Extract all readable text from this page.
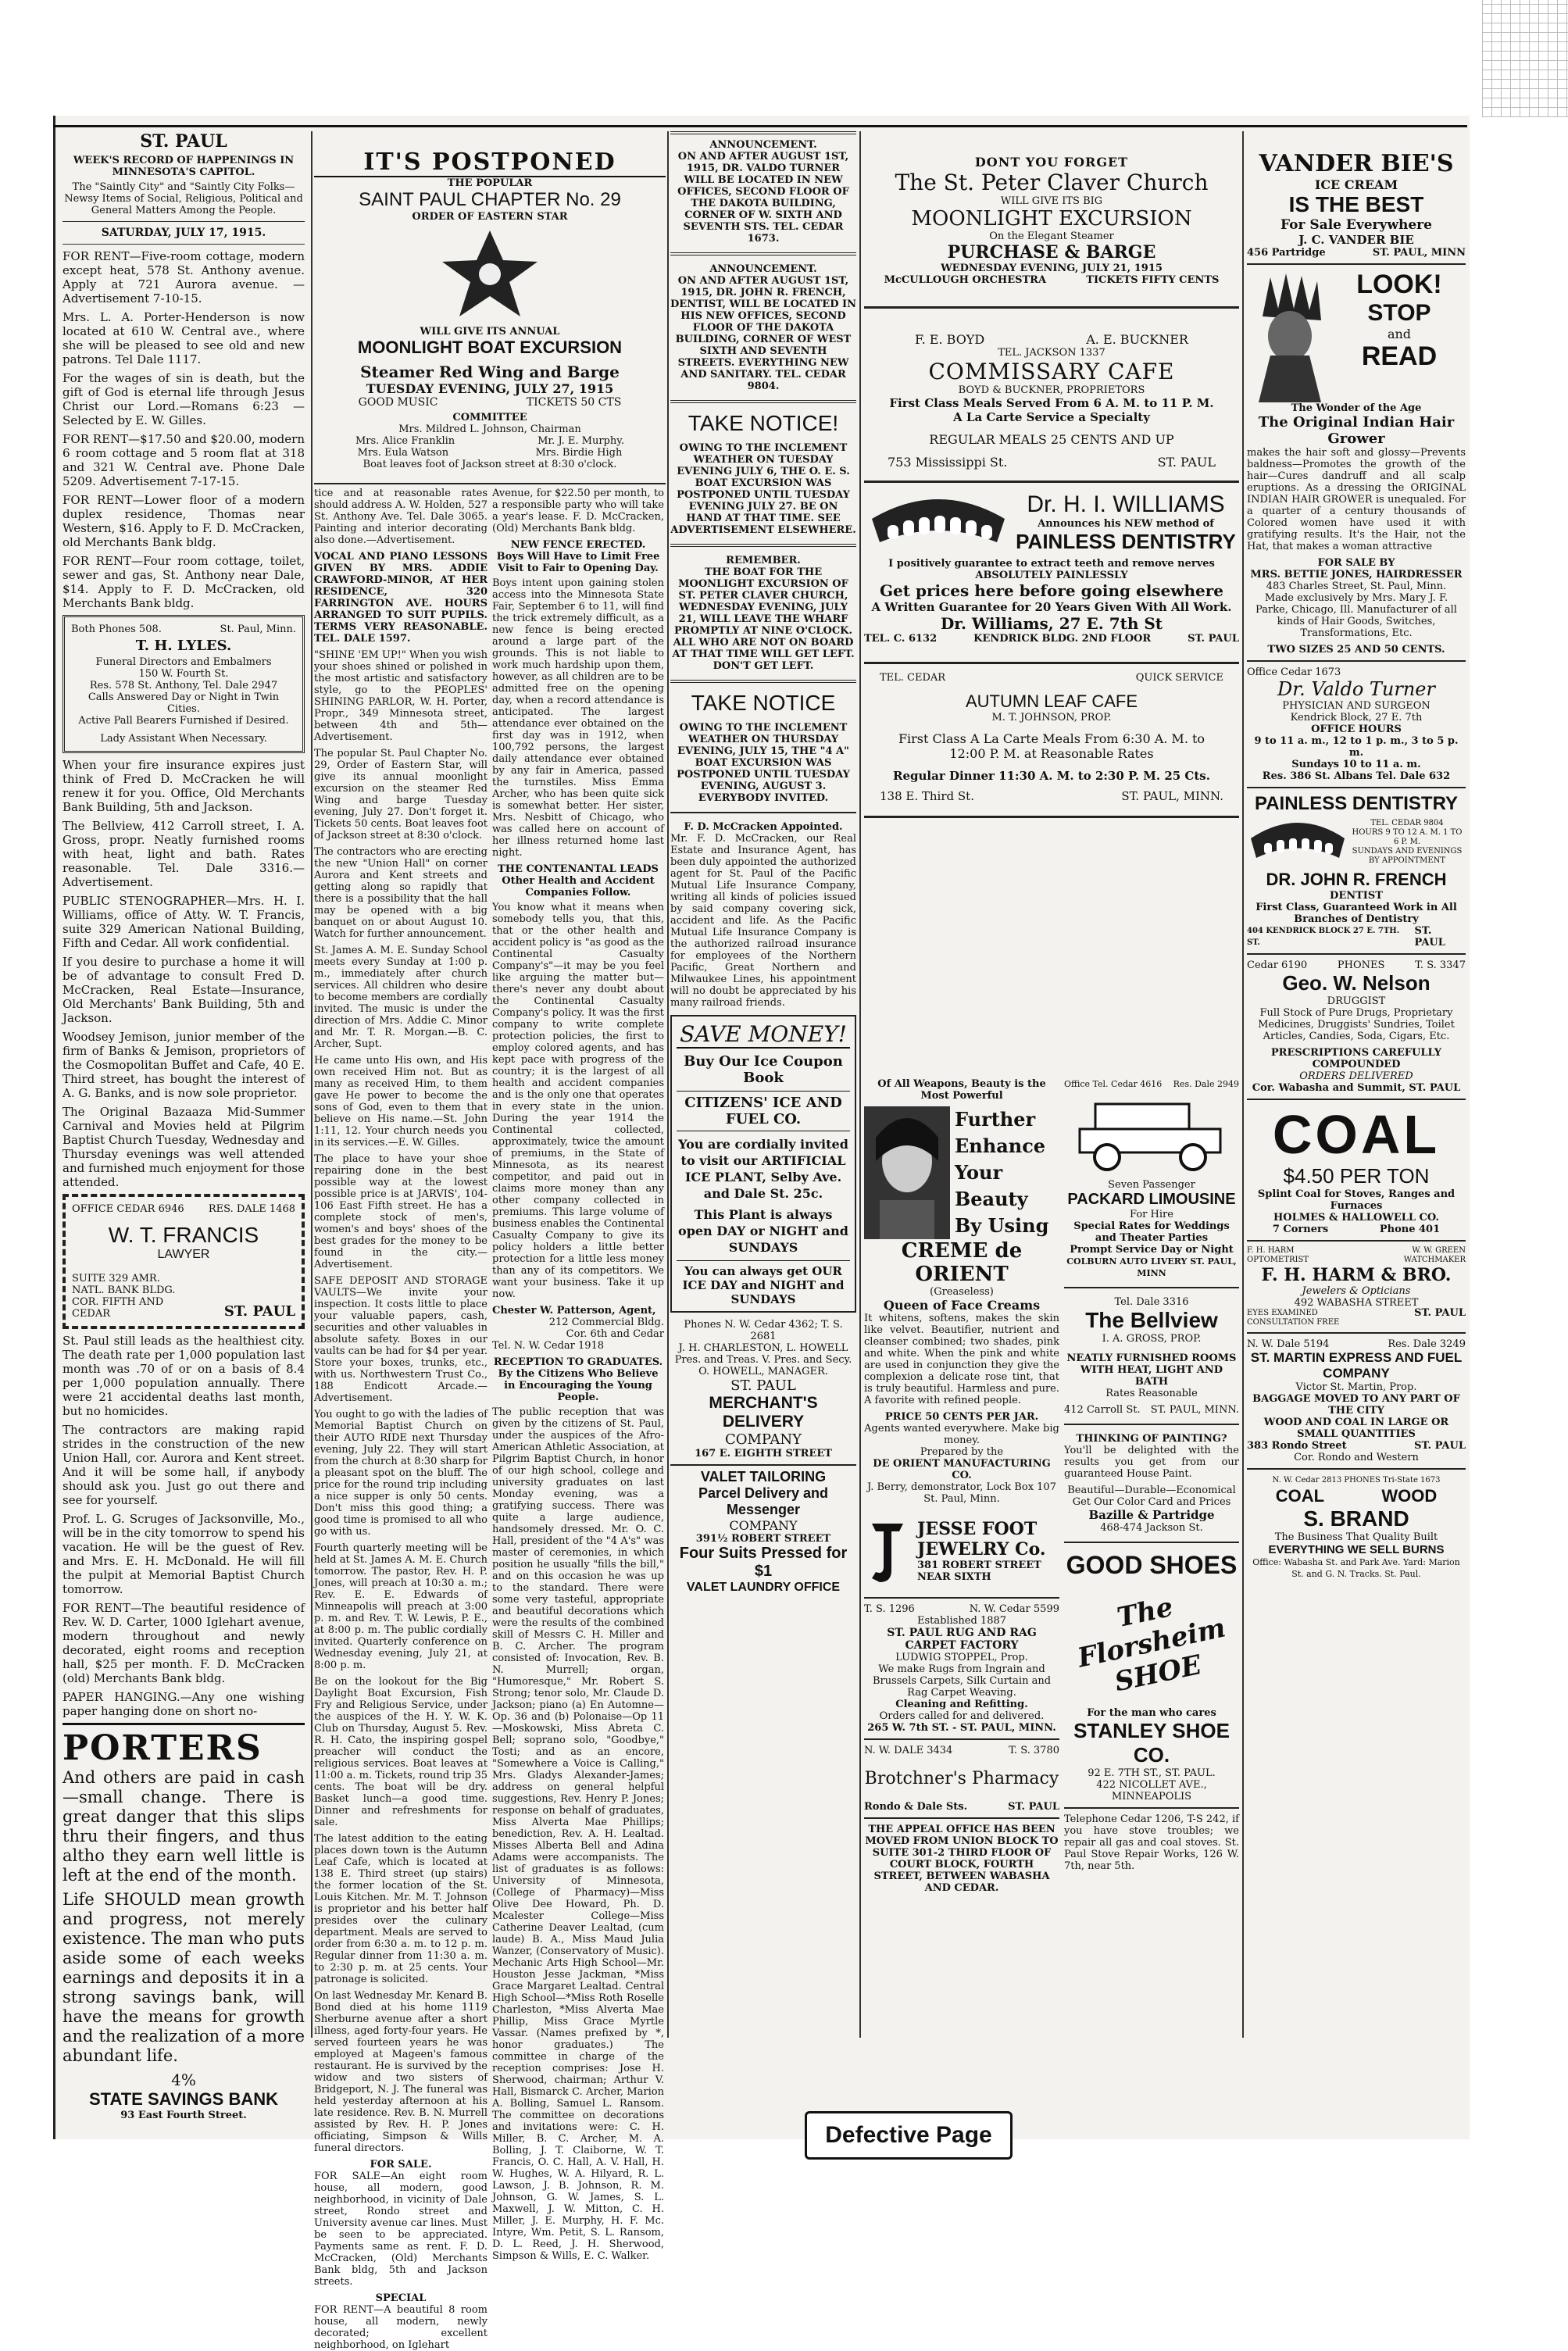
ST. PAUL
WEEK'S RECORD OF HAPPENINGS IN MINNESOTA'S CAPITOL.
The "Saintly City" and "Saintly City Folks—Newsy Items of Social, Religious, Political and General Matters Among the People.
SATURDAY, JULY 17, 1915.

FOR RENT—Five-room cottage, modern except heat, 578 St. Anthony avenue. Apply at 721 Aurora avenue. —Advertisement 7-10-15.

Mrs. L. A. Porter-Henderson is now located at 610 W. Central ave., where she will be pleased to see old and new patrons. Tel Dale 1117.

For the wages of sin is death, but the gift of God is eternal life through Jesus Christ our Lord.—Romans 6:23 —Selected by E. W. Gilles.

FOR RENT—$17.50 and $20.00, modern 6 room cottage and 5 room flat at 318 and 321 W. Central ave. Phone Dale 5209. Advertisement 7-17-15.

FOR RENT—Lower floor of a modern duplex residence, Thomas near Western, $16. Apply to F. D. McCracken, old Merchants Bank bldg.

FOR RENT—Four room cottage, toilet, sewer and gas, St. Anthony near Dale, $14. Apply to F. D. McCracken, old Merchants Bank bldg.

Both Phones 508.	St. Paul, Minn.
T. H. LYLES.
Funeral Directors and Embalmers
150 W. Fourth St.
Res. 578 St. Anthony, Tel. Dale 2947
Calls Answered Day or Night in Twin Cities.
Active Pall Bearers Furnished if Desired.
Lady Assistant When Necessary.

When your fire insurance expires just think of Fred D. McCracken he will renew it for you. Office, Old Merchants Bank Building, 5th and Jackson.

The Bellview, 412 Carroll street, I. A. Gross, propr. Neatly furnished rooms with heat, light and bath. Rates reasonable. Tel. Dale 3316.—Advertisement.

PUBLIC STENOGRAPHER—Mrs. H. I. Williams, office of Atty. W. T. Francis, suite 329 American National Building, Fifth and Cedar. All work confidential.

If you desire to purchase a home it will be of advantage to consult Fred D. McCracken, Real Estate—Insurance, Old Merchants' Bank Building, 5th and Jackson.

Woodsey Jemison, junior member of the firm of Banks & Jemison, proprietors of the Cosmopolitan Buffet and Cafe, 40 E. Third street, has bought the interest of A. G. Banks, and is now sole proprietor.

The Original Bazaaza Mid-Summer Carnival and Movies held at Pilgrim Baptist Church Tuesday, Wednesday and Thursday evenings was well attended and furnished much enjoyment for those attended.

OFFICE CEDAR 6946 RES. DALE 1468
W. T. FRANCIS
LAWYER
SUITE 329 AMR. NATL. BANK BLDG. COR. FIFTH AND CEDAR	ST. PAUL

St. Paul still leads as the healthiest city. The death rate per 1,000 population last month was .70 of or on a basis of 8.4 per 1,000 population annually. There were 21 accidental deaths last month, but no homicides.

The contractors are making rapid strides in the construction of the new Union Hall, cor. Aurora and Kent street. And it will be some hall, if anybody should ask you. Just go out there and see for yourself.

Prof. L. G. Scruges of Jacksonville, Mo., will be in the city tomorrow to spend his vacation. He will be the guest of Rev. and Mrs. E. H. McDonald. He will fill the pulpit at Memorial Baptist Church tomorrow.

FOR RENT—The beautiful residence of Rev. W. D. Carter, 1000 Iglehart avenue, modern throughout and newly decorated, eight rooms and reception hall, $25 per month. F. D. McCracken (old) Merchants Bank bldg.

PAPER HANGING.—Any one wishing paper hanging done on short no-

PORTERS

And others are paid in cash—small change. There is great danger that this slips thru their fingers, and thus altho they earn well little is left at the end of the month.

Life SHOULD mean growth and progress, not merely existence. The man who puts aside some of each weeks earnings and deposits it in a strong savings bank, will have the means for growth and the realization of a more abundant life.

4%
STATE SAVINGS BANK
93 East Fourth Street.
IT'S POSTPONED
THE POPULAR
SAINT PAUL CHAPTER No. 29
ORDER OF EASTERN STAR
WILL GIVE ITS ANNUAL
MOONLIGHT BOAT EXCURSION
Steamer Red Wing and Barge
TUESDAY EVENING, JULY 27, 1915
GOOD MUSIC	TICKETS 50 CTS
COMMITTEE
Mrs. Mildred L. Johnson, Chairman
Mrs. Alice Franklin	Mr. J. E. Murphy.
Mrs. Eula Watson	Mrs. Birdie High
Boat leaves foot of Jackson street at 8:30 o'clock.

tice and at reasonable rates should address A. W. Holden, 527 St. Anthony Ave. Tel. Dale 3065. Painting and interior decorating also done.—Advertisement.

VOCAL AND PIANO LESSONS GIVEN BY MRS. ADDIE CRAWFORD-MINOR, AT HER RESIDENCE, 320 FARRINGTON AVE. HOURS ARRANGED TO SUIT PUPILS. TERMS VERY REASONABLE. TEL. DALE 1597.

"SHINE 'EM UP!" When you wish your shoes shined or polished in the most artistic and satisfactory style, go to the PEOPLES' SHINING PARLOR, W. H. Porter, Propr., 349 Minnesota street, between 4th and 5th—Advertisement.

The popular St. Paul Chapter No. 29, Order of Eastern Star, will give its annual moonlight excursion on the steamer Red Wing and barge Tuesday evening, July 27. Don't forget it. Tickets 50 cents. Boat leaves foot of Jackson street at 8:30 o'clock.

The contractors who are erecting the new "Union Hall" on corner Aurora and Kent streets and getting along so rapidly that there is a possibility that the hall may be opened with a big banquet on or about August 10. Watch for further announcement.

St. James A. M. E. Sunday School meets every Sunday at 1:00 p. m., immediately after church services. All children who desire to become members are cordially invited. The music is under the direction of Mrs. Addie C. Minor and Mr. T. R. Morgan.—B. C. Archer, Supt.

He came unto His own, and His own received Him not. But as many as received Him, to them gave He power to become the sons of God, even to them that believe on His name.—St. John 1:11, 12. Your church needs you in its services.—E. W. Gilles.

The place to have your shoe repairing done in the best possible way at the lowest possible price is at JARVIS', 104-106 East Fifth street. He has a complete stock of men's, women's and boys' shoes of the best grades for the money to be found in the city.—Advertisement.

SAFE DEPOSIT AND STORAGE VAULTS—We invite your inspection. It costs little to place your valuable papers, cash, securities and other valuables in absolute safety. Boxes in our vaults can be had for $4 per year. Store your boxes, trunks, etc., with us. Northwestern Trust Co., 188 Endicott Arcade.—Advertisement.

You ought to go with the ladies of Memorial Baptist Church on their AUTO RIDE next Thursday evening, July 22. They will start from the church at 8:30 sharp for a pleasant spot on the bluff. The price for the round trip including a nice supper is only 50 cents. Don't miss this good thing; a good time is promised to all who go with us.

Fourth quarterly meeting will be held at St. James A. M. E. Church tomorrow. The pastor, Rev. H. P. Jones, will preach at 10:30 a. m.; Rev. E. E. Edwards of Minneapolis will preach at 3:00 p. m. and Rev. T. W. Lewis, P. E., at 8:00 p. m. The public cordially invited. Quarterly conference on Wednesday evening, July 21, at 8:00 p. m.

Be on the lookout for the Big Daylight Boat Excursion, Fish Fry and Religious Service, under the auspices of the H. Y. W. K. Club on Thursday, August 5. Rev. R. H. Cato, the inspiring gospel preacher will conduct the religious services. Boat leaves at 11:00 a. m. Tickets, round trip 35 cents. The boat will be dry. Basket lunch—a good time. Dinner and refreshments for sale.

The latest addition to the eating places down town is the Autumn Leaf Cafe, which is located at 138 E. Third street (up stairs) the former location of the St. Louis Kitchen. Mr. M. T. Johnson is proprietor and his better half presides over the culinary department. Meals are served to order from 6:30 a. m. to 12 p. m. Regular dinner from 11:30 a. m. to 2:30 p. m. at 25 cents. Your patronage is solicited.

On last Wednesday Mr. Kenard B. Bond died at his home 1119 Sherburne avenue after a short illness, aged forty-four years. He served fourteen years he was employed at Mageen's famous restaurant. He is survived by the widow and two sisters of Bridgeport, N. J. The funeral was held yesterday afternoon at his late residence. Rev. B. N. Murrell assisted by Rev. H. P. Jones officiating, Simpson & Wills funeral directors.

FOR SALE.

FOR SALE—An eight room house, all modern, good neighborhood, in vicinity of Dale street, Rondo street and University avenue car lines. Must be seen to be appreciated. Payments same as rent. F. D. McCracken, (Old) Merchants Bank bldg, 5th and Jackson streets.

SPECIAL

FOR RENT—A beautiful 8 room house, all modern, newly decorated; excellent neighborhood, on Iglehart

Avenue, for $22.50 per month, to a responsible party who will take a year's lease. F. D. McCracken, (Old) Merchants Bank bldg.

NEW FENCE ERECTED.
Boys Will Have to Limit Free Visit to Fair to Opening Day.

Boys intent upon gaining stolen access into the Minnesota State Fair, September 6 to 11, will find the trick extremely difficult, as a new fence is being erected around a large part of the grounds. This is not liable to work much hardship upon them, however, as all children are to be admitted free on the opening day, when a record attendance is anticipated. The largest attendance ever obtained on the first day was in 1912, when 100,792 persons, the largest daily attendance ever obtained by any fair in America, passed the turnstiles. Miss Emma Archer, who has been quite sick is somewhat better. Her sister, Mrs. Nesbitt of Chicago, who was called here on account of her illness returned home last night.

THE CONTENANTAL LEADS
Other Health and Accident Companies Follow.

You know what it means when somebody tells you, that this, that or the other health and accident policy is "as good as the Continental Casualty Company's"—it may be you feel like arguing the matter but— there's never any doubt about the Continental Casualty Company's policy. It was the first company to write complete protection policies, the first to employ colored agents, and has kept pace with progress of the country; it is the largest of all health and accident companies and is the only one that operates in every state in the union. During the year 1914 the Continental collected, approximately, twice the amount of premiums, in the State of Minnesota, as its nearest competitor, and paid out in claims more money than any other company collected in premiums. This large volume of business enables the Continental Casualty Company to give its policy holders a little better protection for a little less money than any of its competitors. We want your business. Take it up now.

Chester W. Patterson, Agent,
212 Commercial Bldg.
Cor. 6th and Cedar
Tel. N. W. Cedar 1918
RECEPTION TO GRADUATES.
By the Citizens Who Believe in Encouraging the Young People.

The public reception that was given by the citizens of St. Paul, under the auspices of the Afro-American Athletic Association, at Pilgrim Baptist Church, in honor of our high school, college and university graduates on last Monday evening, was a gratifying success. There was quite a large audience, handsomely dressed. Mr. O. C. Hall, president of the "4 A's" was master of ceremonies, in which position he usually "fills the bill," and on this occasion he was up to the standard. There were some very tasteful, appropriate and beautiful decorations which were the results of the combined skill of Messrs C. H. Miller and B. C. Archer. The program consisted of: Invocation, Rev. B. N. Murrell; organ, "Humoresque," Mr. Robert S. Strong; tenor solo, Mr. Claude D. Jackson; piano (a) En Automne—Op. 36 and (b) Polonaise—Op 11—Moskowski, Miss Abreta C. Bell; soprano solo, "Goodbye," Tosti; and as an encore, "Somewhere a Voice is Calling," Mrs. Gladys Alexander-James; address on general helpful suggestions, Rev. Henry P. Jones; response on behalf of graduates, Miss Alverta Mae Phillips; benediction, Rev. A. H. Lealtad. Misses Alberta Bell and Adina Adams were accompanists. The list of graduates is as follows: University of Minnesota, (College of Pharmacy)—Miss Olive Dee Howard, Ph. D. Mcalester College—Miss Catherine Deaver Lealtad, (cum laude) B. A., Miss Maud Julia Wanzer, (Conservatory of Music). Mechanic Arts High School—Mr. Houston Jesse Jackman, *Miss Grace Margaret Lealtad. Central High School—*Miss Roth Roselle Charleston, *Miss Alverta Mae Phillip, Miss Grace Myrtle Vassar. (Names prefixed by *, honor graduates.) The committee in charge of the reception comprises: Jose H. Sherwood, chairman; Arthur V. Hall, Bismarck C. Archer, Marion A. Bolling, Samuel L. Ransom. The committee on decorations and invitations were: C. H. Miller, B. C. Archer, M. A. Bolling, J. T. Claiborne, W. T. Francis, O. C. Hall, A. V. Hall, H. W. Hughes, W. A. Hilyard, R. L. Lawson, J. B. Johnson, R. M. Johnson, G. W. James, S. L. Maxwell, J. W. Mitton, C. H. Miller, J. E. Murphy, H. F. Mc. Intyre, Wm. Petit, S. L. Ransom, D. L. Reed, J. H. Sherwood, Simpson & Wills, E. C. Walker.

ANNOUNCEMENT.

ON AND AFTER AUGUST 1ST, 1915, DR. VALDO TURNER WILL BE LOCATED IN NEW OFFICES, SECOND FLOOR OF THE DAKOTA BUILDING, CORNER OF W. SIXTH AND SEVENTH STS. TEL. CEDAR 1673.

ANNOUNCEMENT.

ON AND AFTER AUGUST 1ST, 1915, DR. JOHN R. FRENCH, DENTIST, WILL BE LOCATED IN HIS NEW OFFICES, SECOND FLOOR OF THE DAKOTA BUILDING, CORNER OF WEST SIXTH AND SEVENTH STREETS. EVERYTHING NEW AND SANITARY. TEL. CEDAR 9804.

TAKE NOTICE!

OWING TO THE INCLEMENT WEATHER ON TUESDAY EVENING JULY 6, THE O. E. S. BOAT EXCURSION WAS POSTPONED UNTIL TUESDAY EVENING JULY 27. BE ON HAND AT THAT TIME. SEE ADVERTISEMENT ELSEWHERE.

REMEMBER.

THE BOAT FOR THE MOONLIGHT EXCURSION OF ST. PETER CLAVER CHURCH, WEDNESDAY EVENING, JULY 21, WILL LEAVE THE WHARF PROMPTLY AT NINE O'CLOCK. ALL WHO ARE NOT ON BOARD AT THAT TIME WILL GET LEFT. DON'T GET LEFT.

TAKE NOTICE

OWING TO THE INCLEMENT WEATHER ON THURSDAY EVENING, JULY 15, THE "4 A" BOAT EXCURSION WAS POSTPONED UNTIL TUESDAY EVENING, AUGUST 3. EVERYBODY INVITED.

F. D. McCracken Appointed.

Mr. F. D. McCracken, our Real Estate and Insurance Agent, has been duly appointed the authorized agent for St. Paul of the Pacific Mutual Life Insurance Company, writing all kinds of policies issued by said company covering sick, accident and life. As the Pacific Mutual Life Insurance Company is the authorized railroad insurance for employees of the Northern Pacific, Great Northern and Milwaukee Lines, his appointment will no doubt be appreciated by his many railroad friends.

SAVE MONEY!
Buy Our Ice Coupon Book
CITIZENS' ICE AND FUEL CO.

You are cordially invited to visit our ARTIFICIAL ICE PLANT, Selby Ave. and Dale St. 25c.

This Plant is always open DAY or NIGHT and SUNDAYS

You can always get OUR ICE DAY and NIGHT and SUNDAYS
Phones N. W. Cedar 4362; T. S. 2681
J. H. CHARLESTON, L. HOWELL Pres. and Treas. V. Pres. and Secy. O. HOWELL, MANAGER.
ST. PAUL
MERCHANT'S DELIVERY
COMPANY
167 E. EIGHTH STREET
VALET TAILORING
Parcel Delivery and Messenger
COMPANY
391½ ROBERT STREET
Four Suits Pressed for $1
VALET LAUNDRY OFFICE
DONT YOU FORGET
The St. Peter Claver Church
WILL GIVE ITS BIG
MOONLIGHT EXCURSION
On the Elegant Steamer
PURCHASE & BARGE
WEDNESDAY EVENING, JULY 21, 1915
McCULLOUGH ORCHESTRA	TICKETS FIFTY CENTS
F. E. BOYD	A. E. BUCKNER
TEL. JACKSON 1337
COMMISSARY CAFE
BOYD & BUCKNER, PROPRIETORS
First Class Meals Served From 6 A. M. to 11 P. M.
A La Carte Service a Specialty
REGULAR MEALS 25 CENTS AND UP
753 Mississippi St.	ST. PAUL
Dr. H. I. WILLIAMS
Announces his NEW method of
PAINLESS DENTISTRY
I positively guarantee to extract teeth and remove nerves
ABSOLUTELY PAINLESSLY
Get prices here before going elsewhere
A Written Guarantee for 20 Years Given With All Work.
Dr. Williams, 27 E. 7th St
TEL. C. 6132	KENDRICK BLDG. 2ND FLOOR	ST. PAUL
TEL. CEDAR	QUICK SERVICE
AUTUMN LEAF CAFE
M. T. JOHNSON, PROP.
First Class A La Carte Meals From 6:30 A. M. to 12:00 P. M. at Reasonable Rates
Regular Dinner 11:30 A. M. to 2:30 P. M. 25 Cts.
138 E. Third St.	ST. PAUL, MINN.
Of All Weapons, Beauty is the Most Powerful
Further Enhance Your Beauty By Using
CREME de ORIENT
(Greaseless)
Queen of Face Creams

It whitens, softens, makes the skin like velvet. Beautifier, nutrient and cleanser combined; two shades, pink and white. When the pink and white are used in conjunction they give the complexion a delicate rose tint, that is truly beautiful. Harmless and pure. A favorite with refined people.

PRICE 50 CENTS PER JAR.
Agents wanted everywhere. Make big money.
Prepared by the
DE ORIENT MANUFACTURING CO.
J. Berry, demonstrator, Lock Box 107 St. Paul, Minn.
JESSE FOOT JEWELRY Co.
381 ROBERT STREET NEAR SIXTH
T. S. 1296	N. W. Cedar 5599
Established 1887
ST. PAUL RUG AND RAG CARPET FACTORY
LUDWIG STOPPEL, Prop.
We make Rugs from Ingrain and Brussels Carpets, Silk Curtain and Rag Carpet Weaving.
Cleaning and Refitting.
Orders called for and delivered.
265 W. 7th ST. - ST. PAUL, MINN.
N. W. DALE 3434	T. S. 3780
Brotchner's Pharmacy
Rondo & Dale Sts.	ST. PAUL

THE APPEAL OFFICE HAS BEEN MOVED FROM UNION BLOCK TO SUITE 301-2 THIRD FLOOR OF COURT BLOCK, FOURTH STREET, BETWEEN WABASHA AND CEDAR.

Office Tel. Cedar 4616 Res. Dale 2949
Seven Passenger
PACKARD LIMOUSINE
For Hire
Special Rates for Weddings and Theater Parties
Prompt Service Day or Night
COLBURN AUTO LIVERY ST. PAUL, MINN
Tel. Dale 3316
The Bellview
I. A. GROSS, PROP.
NEATLY FURNISHED ROOMS WITH HEAT, LIGHT AND BATH
Rates Reasonable
412 Carroll St. ST. PAUL, MINN.
THINKING OF PAINTING?

You'll be delighted with the results you get from our guaranteed House Paint.

Beautiful—Durable—Economical
Get Our Color Card and Prices
Bazille & Partridge
468-474 Jackson St.
GOOD SHOES
The Florsheim SHOE
For the man who cares
STANLEY SHOE CO.
92 E. 7TH ST., ST. PAUL.
422 NICOLLET AVE., MINNEAPOLIS

Telephone Cedar 1206, T-S 242, if you have stove troubles; we repair all gas and coal stoves. St. Paul Stove Repair Works, 126 W. 7th, near 5th.

VANDER BIE'S
ICE CREAM
IS THE BEST
For Sale Everywhere
J. C. VANDER BIE
456 Partridge	ST. PAUL, MINN
LOOK!
STOP
and
READ
The Wonder of the Age
The Original Indian Hair Grower

makes the hair soft and glossy—Prevents baldness—Promotes the growth of the hair—Cures dandruff and all scalp eruptions. As a dressing the ORIGINAL INDIAN HAIR GROWER is unequaled. For a quarter of a century thousands of Colored women have used it with gratifying results. It's the Hair, not the Hat, that makes a woman attractive

FOR SALE BY
MRS. BETTIE JONES, HAIRDRESSER
483 Charles Street, St. Paul, Minn.

Made exclusively by Mrs. Mary J. F. Parke, Chicago, Ill. Manufacturer of all kinds of Hair Goods, Switches, Transformations, Etc.

TWO SIZES 25 AND 50 CENTS.
Office Cedar 1673
Dr. Valdo Turner
PHYSICIAN AND SURGEON
Kendrick Block, 27 E. 7th
OFFICE HOURS
9 to 11 a. m., 12 to 1 p. m., 3 to 5 p. m.
Sundays 10 to 11 a. m.
Res. 386 St. Albans Tel. Dale 632
PAINLESS DENTISTRY
TEL. CEDAR 9804
HOURS 9 TO 12 A. M. 1 TO 6 P. M.
SUNDAYS AND EVENINGS BY APPOINTMENT
DR. JOHN R. FRENCH
DENTIST
First Class, Guaranteed Work in All Branches of Dentistry
404 KENDRICK BLOCK 27 E. 7TH. ST.
ST. PAUL
Cedar 6190	PHONES	T. S. 3347
Geo. W. Nelson
DRUGGIST

Full Stock of Pure Drugs, Proprietary Medicines, Druggists' Sundries, Toilet Articles, Candies, Soda, Cigars, Etc.

PRESCRIPTIONS CAREFULLY COMPOUNDED
ORDERS DELIVERED
Cor. Wabasha and Summit, ST. PAUL
COAL
$4.50 PER TON
Splint Coal for Stoves, Ranges and Furnaces
HOLMES & HALLOWELL CO.
7 Corners	Phone 401
F. H. HARM OPTOMETRIST
W. W. GREEN WATCHMAKER
F. H. HARM & BRO.
Jewelers & Opticians
492 WABASHA STREET
EYES EXAMINED CONSULTATION FREE
ST. PAUL
N. W. Dale 5194	Res. Dale 3249
ST. MARTIN EXPRESS AND FUEL COMPANY
Victor St. Martin, Prop.
BAGGAGE MOVED TO ANY PART OF THE CITY
WOOD AND COAL IN LARGE OR SMALL QUANTITIES
383 Rondo Street	ST. PAUL
Cor. Rondo and Western
N. W. Cedar 2813 PHONES Tri-State 1673
COAL	WOOD
S. BRAND
The Business That Quality Built
EVERYTHING WE SELL BURNS
Office: Wabasha St. and Park Ave. Yard: Marion St. and G. N. Tracks. St. Paul.
Defective Page
